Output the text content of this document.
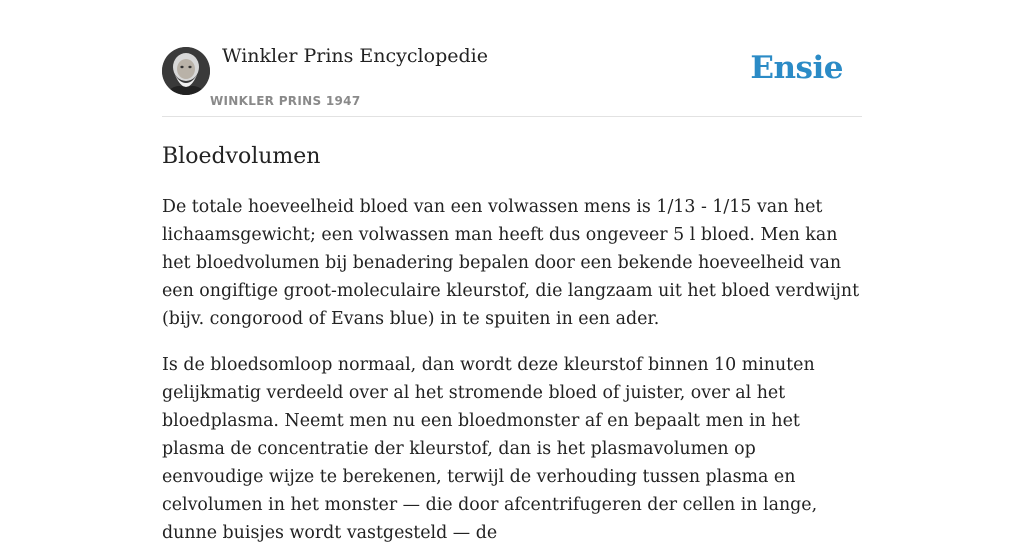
Winkler Prins Encyclopedie
WINKLER PRINS 1947
Ensie
Bloedvolumen

De totale hoeveelheid bloed van een volwassen mens is 1/13 - 1/15 van het lichaamsgewicht; een volwassen man heeft dus ongeveer 5 l bloed. Men kan het bloedvolumen bij benadering bepalen door een bekende hoeveelheid van een ongiftige groot-moleculaire kleurstof, die langzaam uit het bloed verdwijnt (bijv. congorood of Evans blue) in te spuiten in een ader.

Is de bloedsomloop normaal, dan wordt deze kleurstof binnen 10 minuten gelijkmatig verdeeld over al het stromende bloed of juister, over al het bloedplasma. Neemt men nu een bloedmonster af en bepaalt men in het plasma de concentratie der kleurstof, dan is het plasmavolumen op eenvoudige wijze te berekenen, terwijl de verhouding tussen plasma en celvolumen in het monster — die door afcentrifugeren der cellen in lange, dunne buisjes wordt vastgesteld — de
